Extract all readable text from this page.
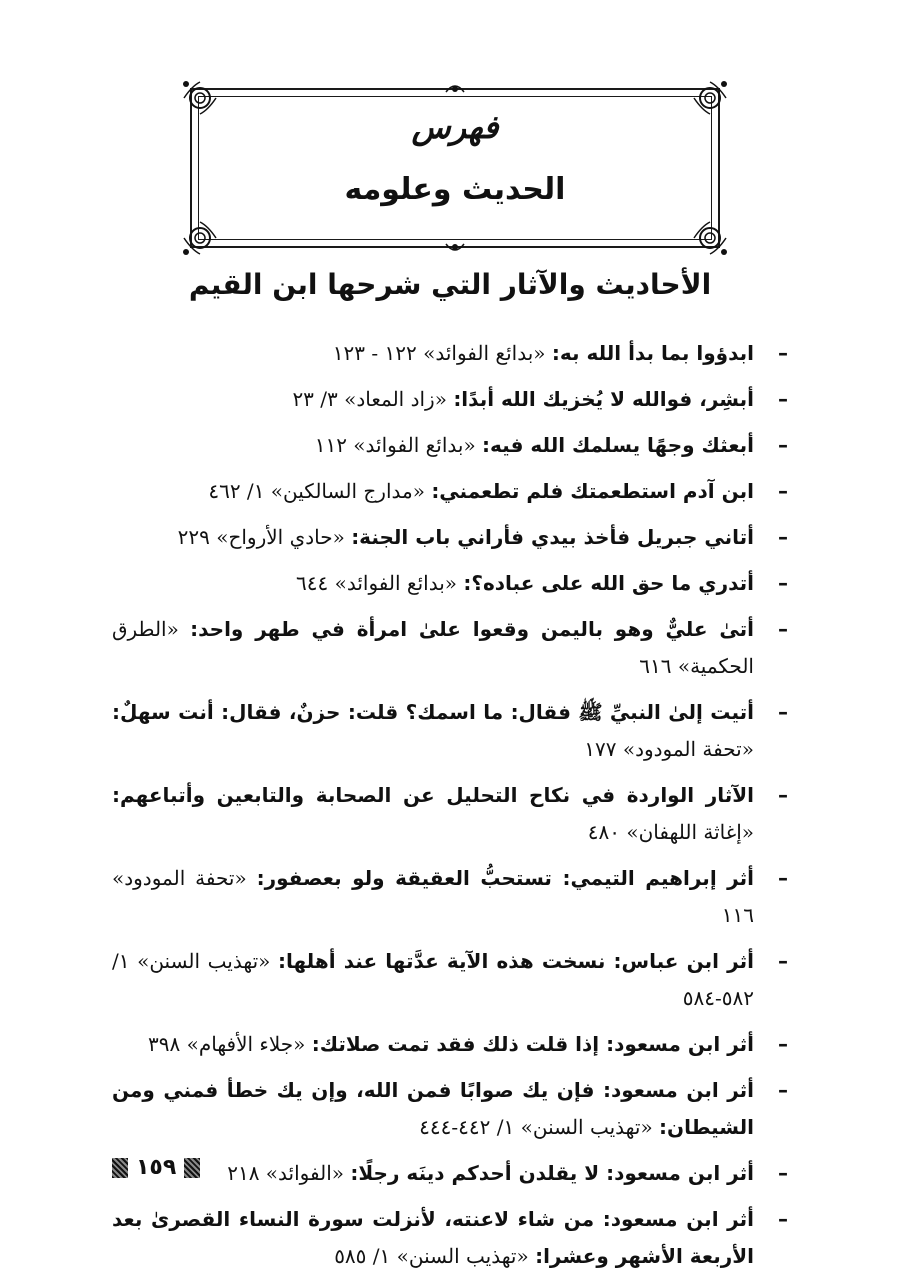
فهرس
الحديث وعلومه
الأحاديث والآثار التي شرحها ابن القيم
–
ابدؤوا بما بدأ الله به: «بدائع الفوائد» ١٢٢ - ١٢٣
–
أبشِر، فوالله لا يُخزيك الله أبدًا: «زاد المعاد» ٣/ ٢٣
–
أبعثك وجهًا يسلمك الله فيه: «بدائع الفوائد» ١١٢
–
ابن آدم استطعمتك فلم تطعمني: «مدارج السالكين» ١/ ٤٦٢
–
أتاني جبريل فأخذ بيدي فأراني باب الجنة: «حادي الأرواح» ٢٢٩
–
أتدري ما حق الله على عباده؟: «بدائع الفوائد» ٦٤٤
–
أتىٰ عليٌّ وهو باليمن وقعوا علىٰ امرأة في طهر واحد: «الطرق الحكمية» ٦١٦
–
أتيت إلىٰ النبيِّ ﷺ فقال: ما اسمك؟ قلت: حزنٌ، فقال: أنت سهلٌ: «تحفة المودود» ١٧٧
–
الآثار الواردة في نكاح التحليل عن الصحابة والتابعين وأتباعهم: «إغاثة اللهفان» ٤٨٠
–
أثر إبراهيم التيمي: تستحبُّ العقيقة ولو بعصفور: «تحفة المودود» ١١٦
–
أثر ابن عباس: نسخت هذه الآية عدَّتها عند أهلها: «تهذيب السنن» ١/ ٥٨٢-٥٨٤
–
أثر ابن مسعود: إذا قلت ذلك فقد تمت صلاتك: «جلاء الأفهام» ٣٩٨
–
أثر ابن مسعود: فإن يك صوابًا فمن الله، وإن يك خطأ فمني ومن الشيطان: «تهذيب السنن» ١/ ٤٤٢-٤٤٤
–
أثر ابن مسعود: لا يقلدن أحدكم دينَه رجلًا: «الفوائد» ٢١٨
–
أثر ابن مسعود: من شاء لاعنته، لأنزلت سورة النساء القصرىٰ بعد الأربعة الأشهر وعشرا: «تهذيب السنن» ١/ ٥٨٥
١٥٩
